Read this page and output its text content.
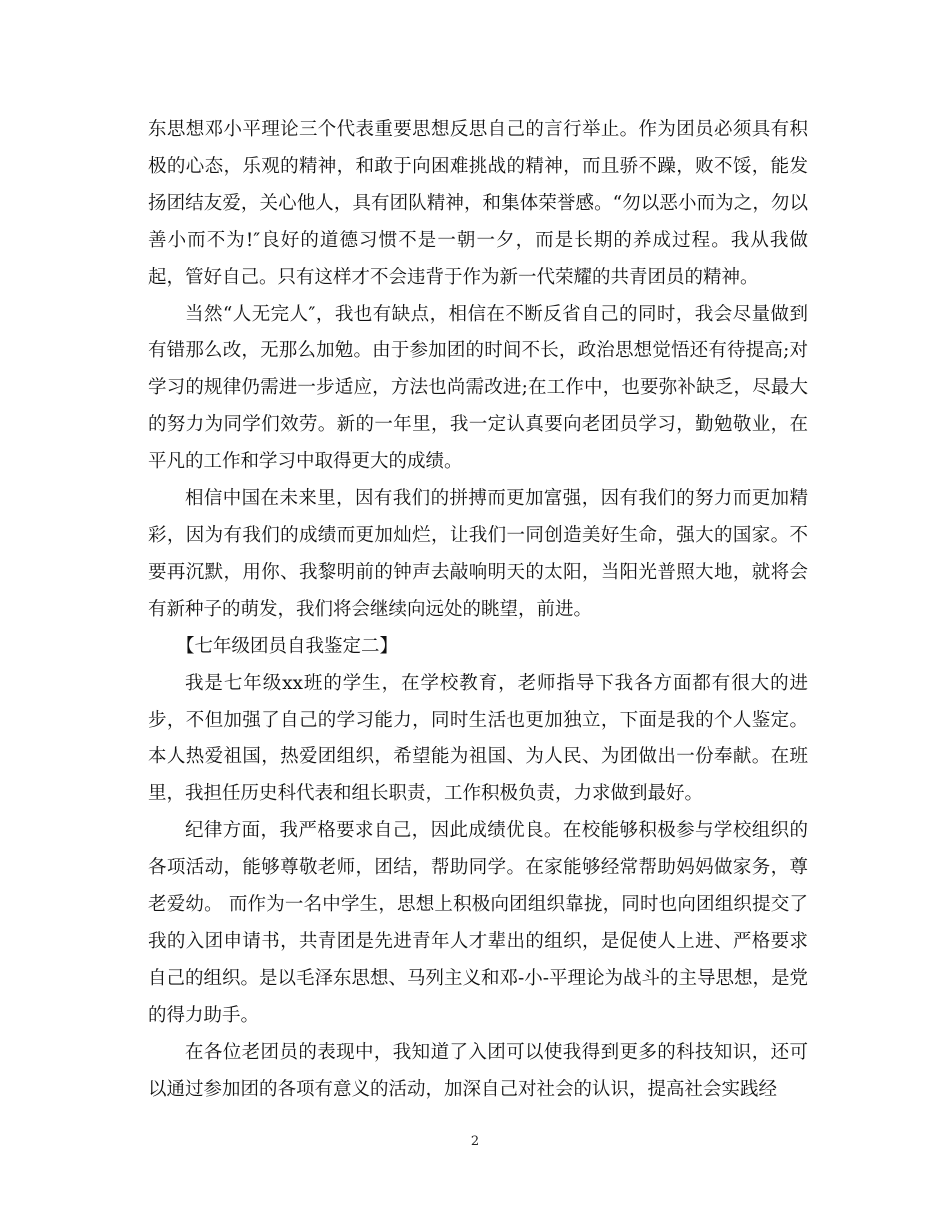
东思想邓小平理论三个代表重要思想反思自己的言行举止。作为团员必须具有积极的心态，乐观的精神，和敢于向困难挑战的精神，而且骄不躁，败不馁，能发扬团结友爱，关心他人，具有团队精神，和集体荣誉感。“勿以恶小而为之，勿以善小而不为!″良好的道德习惯不是一朝一夕，而是长期的养成过程。我从我做起，管好自己。只有这样才不会违背于作为新一代荣耀的共青团员的精神。

当然“人无完人″，我也有缺点，相信在不断反省自己的同时，我会尽量做到有错那么改，无那么加勉。由于参加团的时间不长，政治思想觉悟还有待提高;对学习的规律仍需进一步适应，方法也尚需改进;在工作中，也要弥补缺乏，尽最大的努力为同学们效劳。新的一年里，我一定认真要向老团员学习，勤勉敬业，在平凡的工作和学习中取得更大的成绩。

相信中国在未来里，因有我们的拼搏而更加富强，因有我们的努力而更加精彩，因为有我们的成绩而更加灿烂，让我们一同创造美好生命，强大的国家。不要再沉默，用你、我黎明前的钟声去敲响明天的太阳，当阳光普照大地，就将会有新种子的萌发，我们将会继续向远处的眺望，前进。

【七年级团员自我鉴定二】

我是七年级xx班的学生，在学校教育，老师指导下我各方面都有很大的进步，不但加强了自己的学习能力，同时生活也更加独立，下面是我的个人鉴定。本人热爱祖国，热爱团组织，希望能为祖国、为人民、为团做出一份奉献。在班里，我担任历史科代表和组长职责，工作积极负责，力求做到最好。

纪律方面，我严格要求自己，因此成绩优良。在校能够积极参与学校组织的各项活动，能够尊敬老师，团结，帮助同学。在家能够经常帮助妈妈做家务，尊老爱幼。 而作为一名中学生，思想上积极向团组织靠拢，同时也向团组织提交了我的入团申请书，共青团是先进青年人才辈出的组织，是促使人上进、严格要求自己的组织。是以毛泽东思想、马列主义和邓-小-平理论为战斗的主导思想，是党的得力助手。

在各位老团员的表现中，我知道了入团可以使我得到更多的科技知识，还可以通过参加团的各项有意义的活动，加深自己对社会的认识，提高社会实践经

2
